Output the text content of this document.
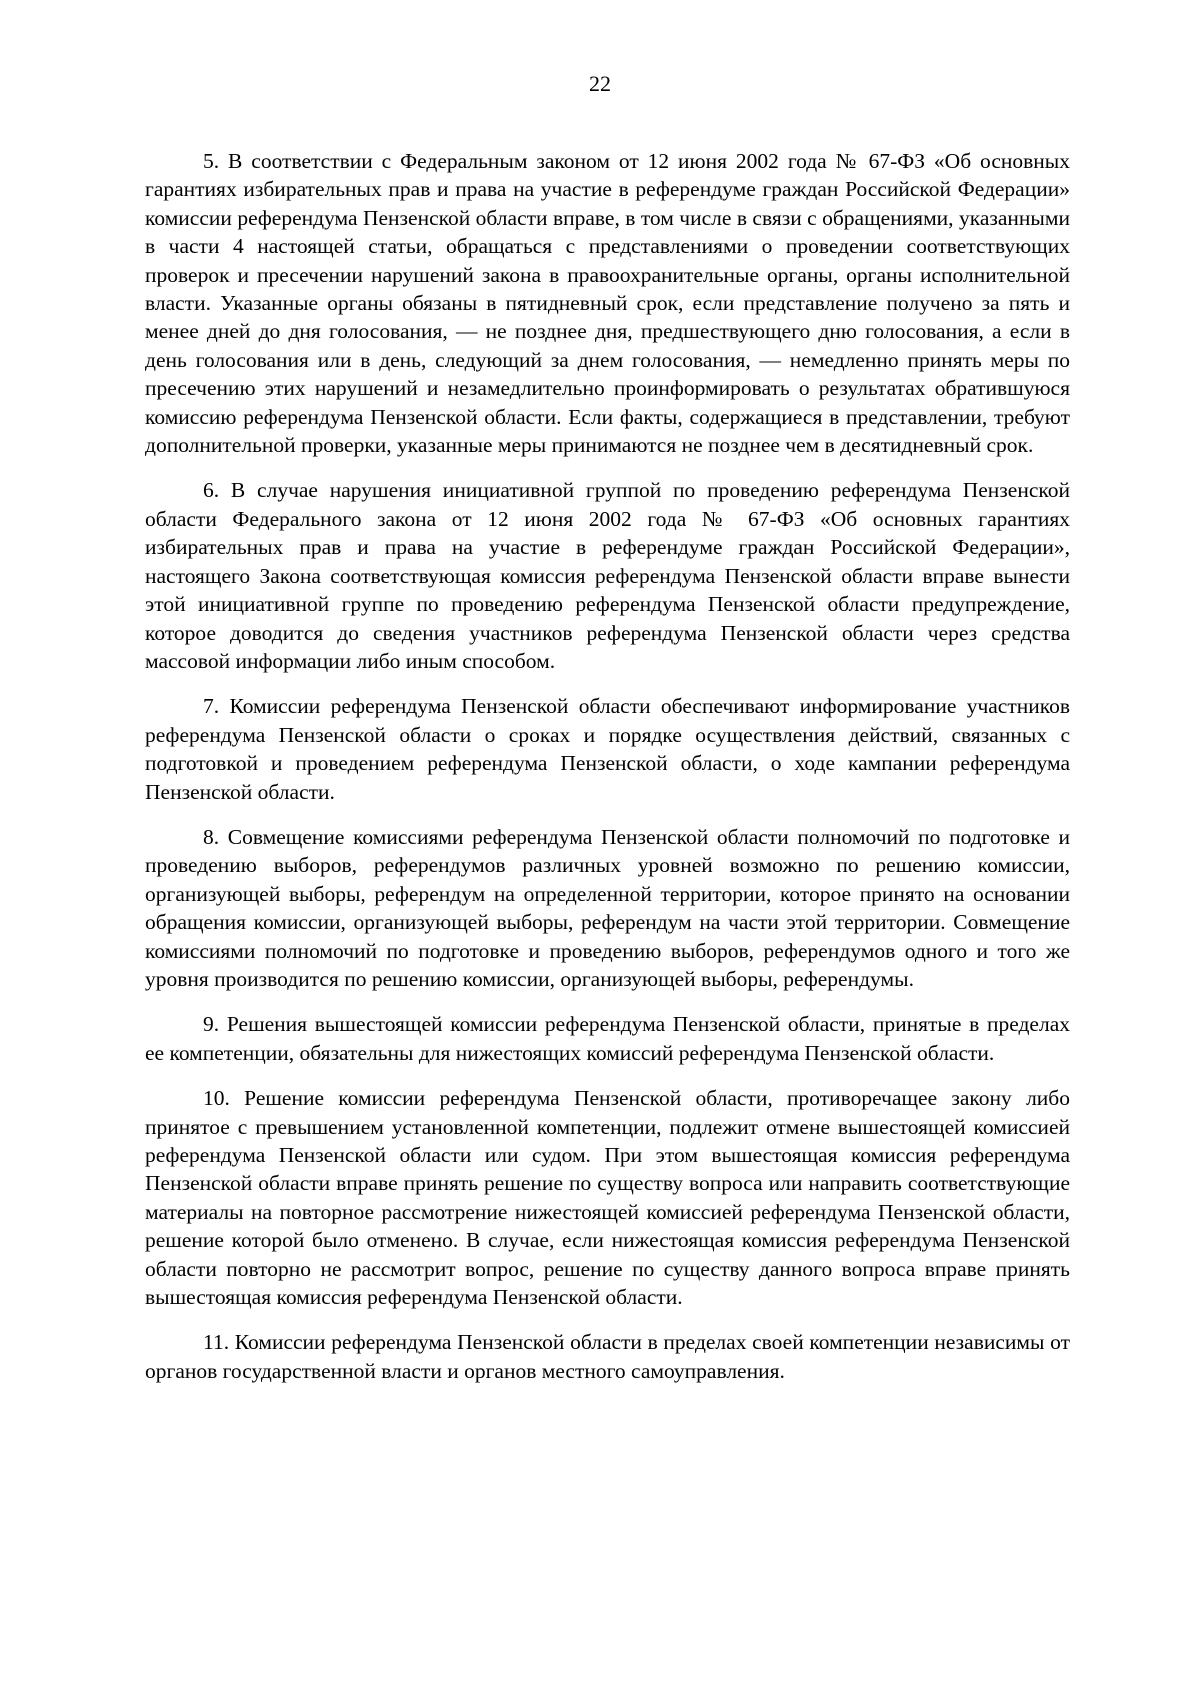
22

5. В соответствии с Федеральным законом от 12 июня 2002 года № 67-ФЗ «Об основных гарантиях избирательных прав и права на участие в референдуме граждан Российской Федерации» комиссии референдума Пензенской области вправе, в том числе в связи с обращениями, указанными в части 4 настоящей статьи, обращаться с представлениями о проведении соответствующих проверок и пресечении нарушений закона в правоохранительные органы, органы исполнительной власти. Указанные органы обязаны в пятидневный срок, если представление получено за пять и менее дней до дня голосования, — не позднее дня, предшествующего дню голосования, а если в день голосования или в день, следующий за днем голосования, — немедленно принять меры по пресечению этих нарушений и незамедлительно проинформировать о результатах обратившуюся комиссию референдума Пензенской области. Если факты, содержащиеся в представлении, требуют дополнительной проверки, указанные меры принимаются не позднее чем в десятидневный срок.

6. В случае нарушения инициативной группой по проведению референдума Пензенской области Федерального закона от 12 июня 2002 года № 67-ФЗ «Об основных гарантиях избирательных прав и права на участие в референдуме граждан Российской Федерации», настоящего Закона соответствующая комиссия референдума Пензенской области вправе вынести этой инициативной группе по проведению референдума Пензенской области предупреждение, которое доводится до сведения участников референдума Пензенской области через средства массовой информации либо иным способом.

7. Комиссии референдума Пензенской области обеспечивают информирование участников референдума Пензенской области о сроках и порядке осуществления действий, связанных с подготовкой и проведением референдума Пензенской области, о ходе кампании референдума Пензенской области.

8. Совмещение комиссиями референдума Пензенской области полномочий по подготовке и проведению выборов, референдумов различных уровней возможно по решению комиссии, организующей выборы, референдум на определенной территории, которое принято на основании обращения комиссии, организующей выборы, референдум на части этой территории. Совмещение комиссиями полномочий по подготовке и проведению выборов, референдумов одного и того же уровня производится по решению комиссии, организующей выборы, референдумы.

9. Решения вышестоящей комиссии референдума Пензенской области, принятые в пределах ее компетенции, обязательны для нижестоящих комиссий референдума Пензенской области.

10. Решение комиссии референдума Пензенской области, противоречащее закону либо принятое с превышением установленной компетенции, подлежит отмене вышестоящей комиссией референдума Пензенской области или судом. При этом вышестоящая комиссия референдума Пензенской области вправе принять решение по существу вопроса или направить соответствующие материалы на повторное рассмотрение нижестоящей комиссией референдума Пензенской области, решение которой было отменено. В случае, если нижестоящая комиссия референдума Пензенской области повторно не рассмотрит вопрос, решение по существу данного вопроса вправе принять вышестоящая комиссия референдума Пензенской области.

11. Комиссии референдума Пензенской области в пределах своей компетенции независимы от органов государственной власти и органов местного самоуправления.
